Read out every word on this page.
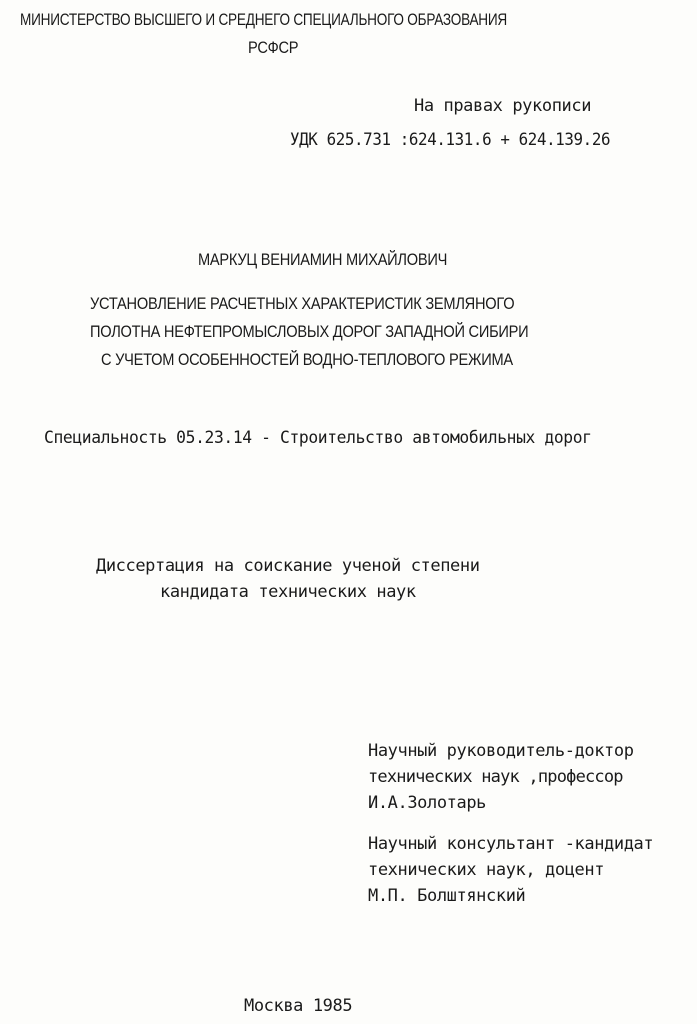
МИНИСТЕРСТВО ВЫСШЕГО И СРЕДНЕГО СПЕЦИАЛЬНОГО ОБРАЗОВАНИЯ
РСФСР
На правах рукописи
УДК 625.731 :624.131.6 + 624.139.26
МАРКУЦ ВЕНИАМИН МИХАЙЛОВИЧ
УСТАНОВЛЕНИЕ РАСЧЕТНЫХ ХАРАКТЕРИСТИК ЗЕМЛЯНОГО
ПОЛОТНА НЕФТЕПРОМЫСЛОВЫХ ДОРОГ ЗАПАДНОЙ СИБИРИ
С УЧЕТОМ ОСОБЕННОСТЕЙ ВОДНО-ТЕПЛОВОГО РЕЖИМА
Специальность 05.23.14 - Строительство автомобильных дорог
Диссертация на соискание ученой степени
кандидата технических наук
Научный руководитель-доктор
технических наук ,профессор
И.А.Золотарь
Научный консультант -кандидат
технических наук, доцент
М.П. Болштянский
Москва 1985
